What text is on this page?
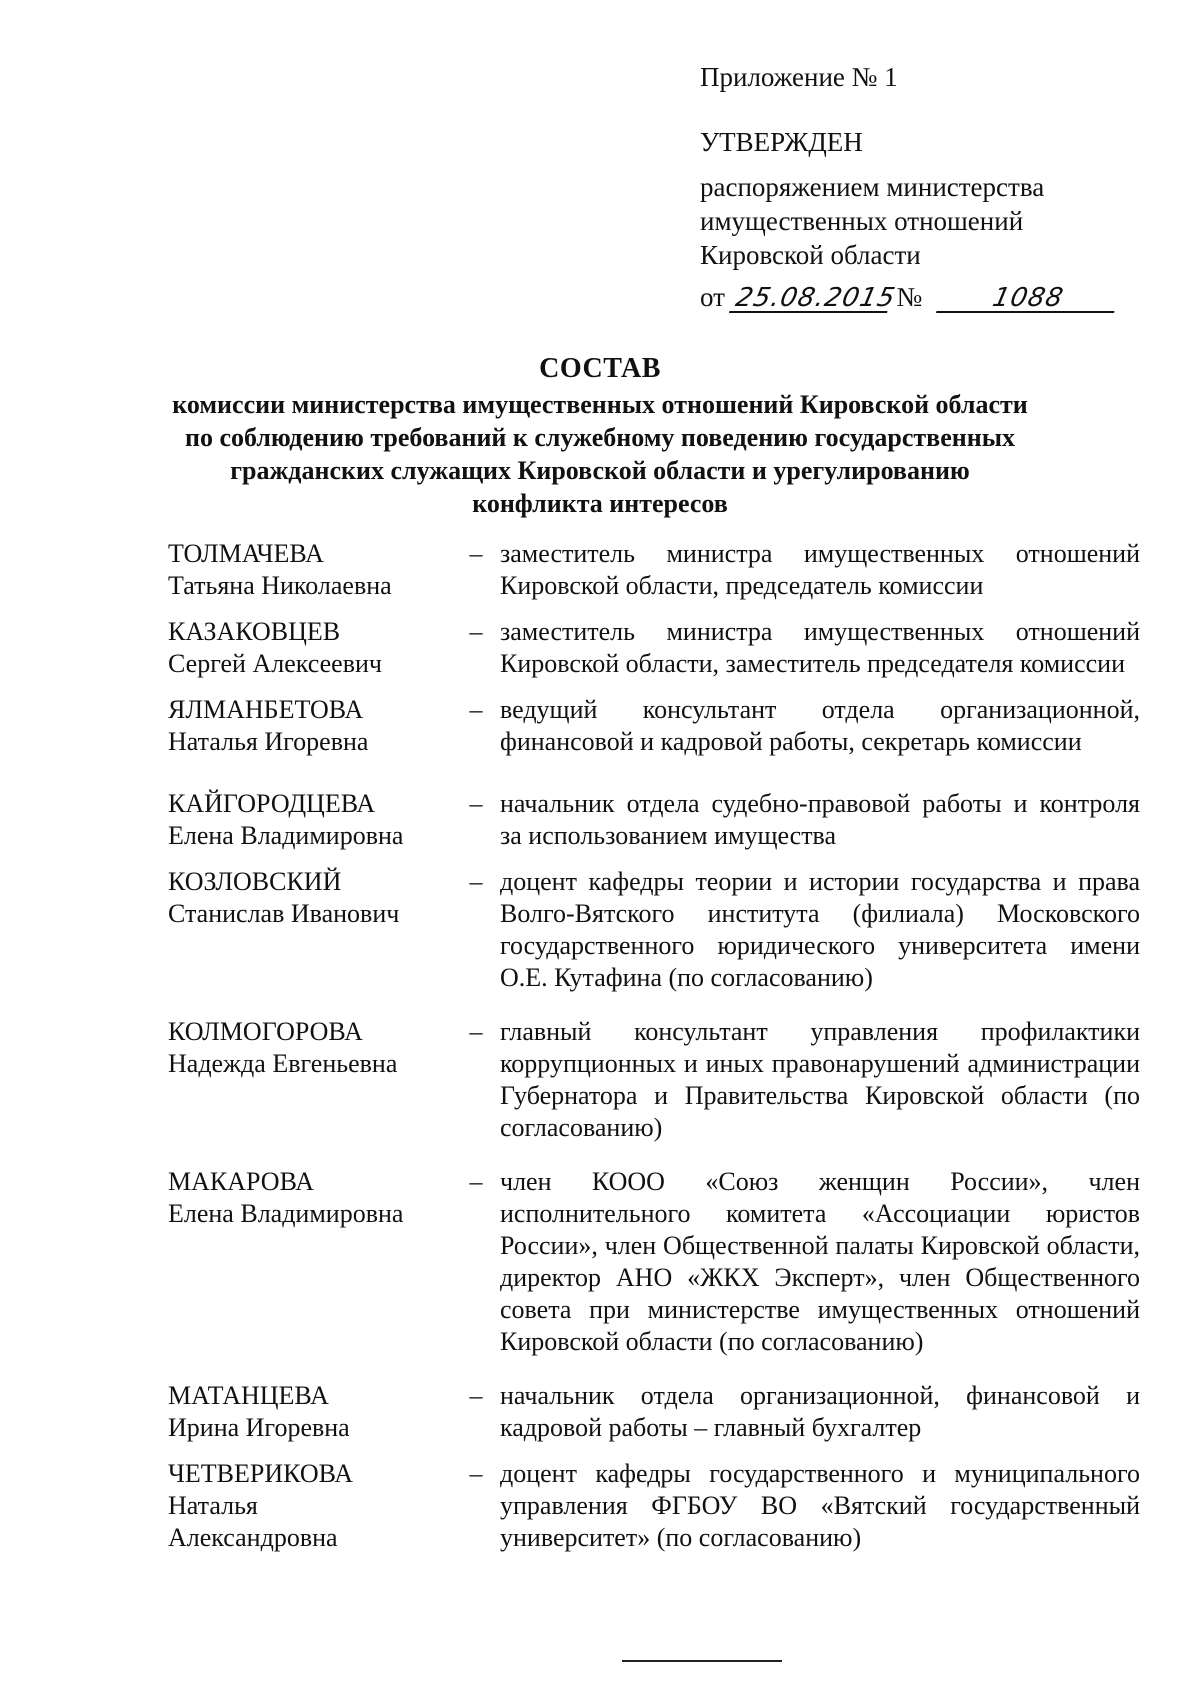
Приложение № 1
УТВЕРЖДЕН
распоряжением министерства
имущественных отношений
Кировской области
от 25.08.2015 №	1088
СОСТАВ
комиссии министерства имущественных отношений Кировской области
по соблюдению требований к служебному поведению государственных
гражданских служащих Кировской области и урегулированию
конфликта интересов
ТОЛМАЧЕВА
Татьяна Николаевна
– заместитель министра имущественных отношений Кировской области, председатель комиссии
КАЗАКОВЦЕВ
Сергей Алексеевич
– заместитель министра имущественных отношений Кировской области, заместитель председателя комиссии
ЯЛМАНБЕТОВА
Наталья Игоревна
– ведущий консультант отдела организационной, финансовой и кадровой работы, секретарь комиссии
КАЙГОРОДЦЕВА
Елена Владимировна
– начальник отдела судебно-правовой работы и контроля за использованием имущества
КОЗЛОВСКИЙ
Станислав Иванович
– доцент кафедры теории и истории государства и права Волго-Вятского института (филиала) Московского государственного юридического университета имени О.Е. Кутафина (по согласованию)
КОЛМОГОРОВА
Надежда Евгеньевна
– главный консультант управления профилактики коррупционных и иных правонарушений администрации Губернатора и Правительства Кировской области (по согласованию)
МАКАРОВА
Елена Владимировна
– член КООО «Союз женщин России», член исполнительного комитета «Ассоциации юристов России», член Общественной палаты Кировской области, директор АНО «ЖКХ Эксперт», член Общественного совета при министерстве имущественных отношений Кировской области (по согласованию)
МАТАНЦЕВА
Ирина Игоревна
– начальник отдела организационной, финансовой и кадровой работы – главный бухгалтер
ЧЕТВЕРИКОВА
Наталья Александровна
– доцент кафедры государственного и муниципального управления ФГБОУ ВО «Вятский государственный университет» (по согласованию)
